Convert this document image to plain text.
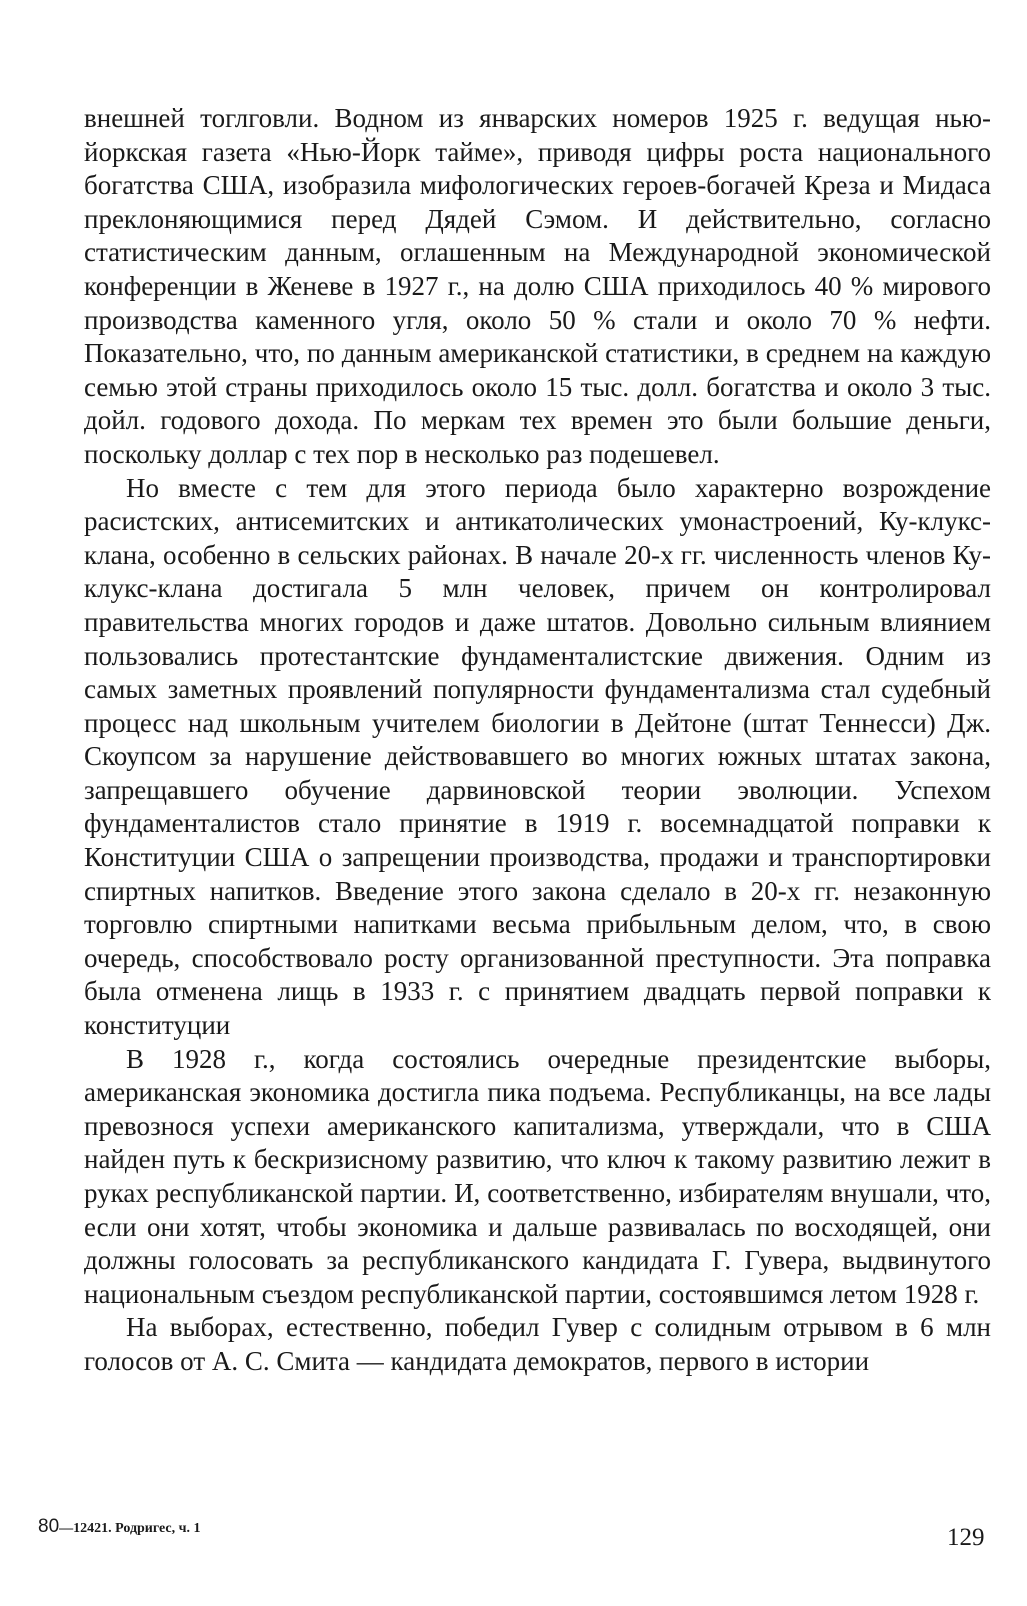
внешней тоглговли. Водном из январских номеров 1925 г. ведущая нью-йоркская газета «Нью-Йорк тайме», приводя цифры роста национального богатства США, изобразила мифологических героев-богачей Креза и Мидаса преклоняющимися перед Дядей Сэмом. И действительно, согласно статистическим данным, оглашенным на Международной экономической конференции в Женеве в 1927 г., на долю США приходилось 40 % мирового производства каменного угля, около 50 % стали и около 70 % нефти. Показательно, что, по данным американской статистики, в среднем на каждую семью этой страны приходилось около 15 тыс. долл. богатства и около 3 тыс. дойл. годового дохода. По меркам тех времен это были большие деньги, поскольку доллар с тех пор в несколько раз подешевел.

Но вместе с тем для этого периода было характерно возрождение расистских, антисемитских и антикатолических умонастроений, Ку-клукс-клана, особенно в сельских районах. В начале 20-х гг. численность членов Ку-клукс-клана достигала 5 млн человек, причем он контролировал правительства многих городов и даже штатов. Довольно сильным влиянием пользовались протестантские фундаменталистские движения. Одним из самых заметных проявлений популярности фундаментализма стал судебный процесс над школьным учителем биологии в Дейтоне (штат Теннесси) Дж. Скоупсом за нарушение действовавшего во многих южных штатах закона, запрещавшего обучение дарвиновской теории эволюции. Успехом фундаменталистов стало принятие в 1919 г. восемнадцатой поправки к Конституции США о запрещении производства, продажи и транспортировки спиртных напитков. Введение этого закона сделало в 20-х гг. незаконную торговлю спиртными напитками весьма прибыльным делом, что, в свою очередь, способствовало росту организованной преступности. Эта поправка была отменена лищь в 1933 г. с принятием двадцать первой поправки к конституции

В 1928 г., когда состоялись очередные президентские выборы, американская экономика достигла пика подъема. Республиканцы, на все лады превознося успехи американского капитализма, утверждали, что в США найден путь к бескризисному развитию, что ключ к такому развитию лежит в руках республиканской партии. И, соответственно, избирателям внушали, что, если они хотят, чтобы экономика и дальше развивалась по восходящей, они должны голосовать за республиканского кандидата Г. Гувера, выдвинутого национальным съездом республиканской партии, состоявшимся летом 1928 г.

На выборах, естественно, победил Гувер с солидным отрывом в 6 млн голосов от А. С. Смита — кандидата демократов, первого в истории

80—12421. Родригес, ч. 1	129
